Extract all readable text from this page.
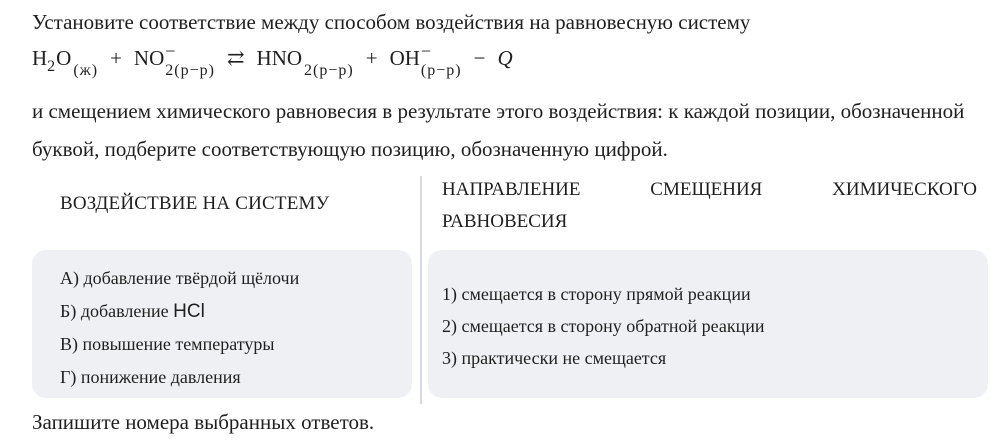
Установите соответствие между способом воздействия на равновесную систему
H 2 O
(ж)
+ NO −
2(р−р)
⇄ HNO
2(р−р)
+ OH −
(р−р)
− Q
и смещением химического равновесия в результате этого воздействия: к каждой позиции, обозначенной буквой, подберите соответствующую позицию, обозначенную цифрой.
ВОЗДЕЙСТВИЕ НА СИСТЕМУ
НАПРАВЛЕНИЕ	СМЕЩЕНИЯ	ХИМИЧЕСКОГО
РАВНОВЕСИЯ
А) добавление твёрдой щёлочи
Б) добавление HCl
В) повышение температуры
Г) понижение давления
1) смещается в сторону прямой реакции
2) смещается в сторону обратной реакции
3) практически не смещается
Запишите номера выбранных ответов.
